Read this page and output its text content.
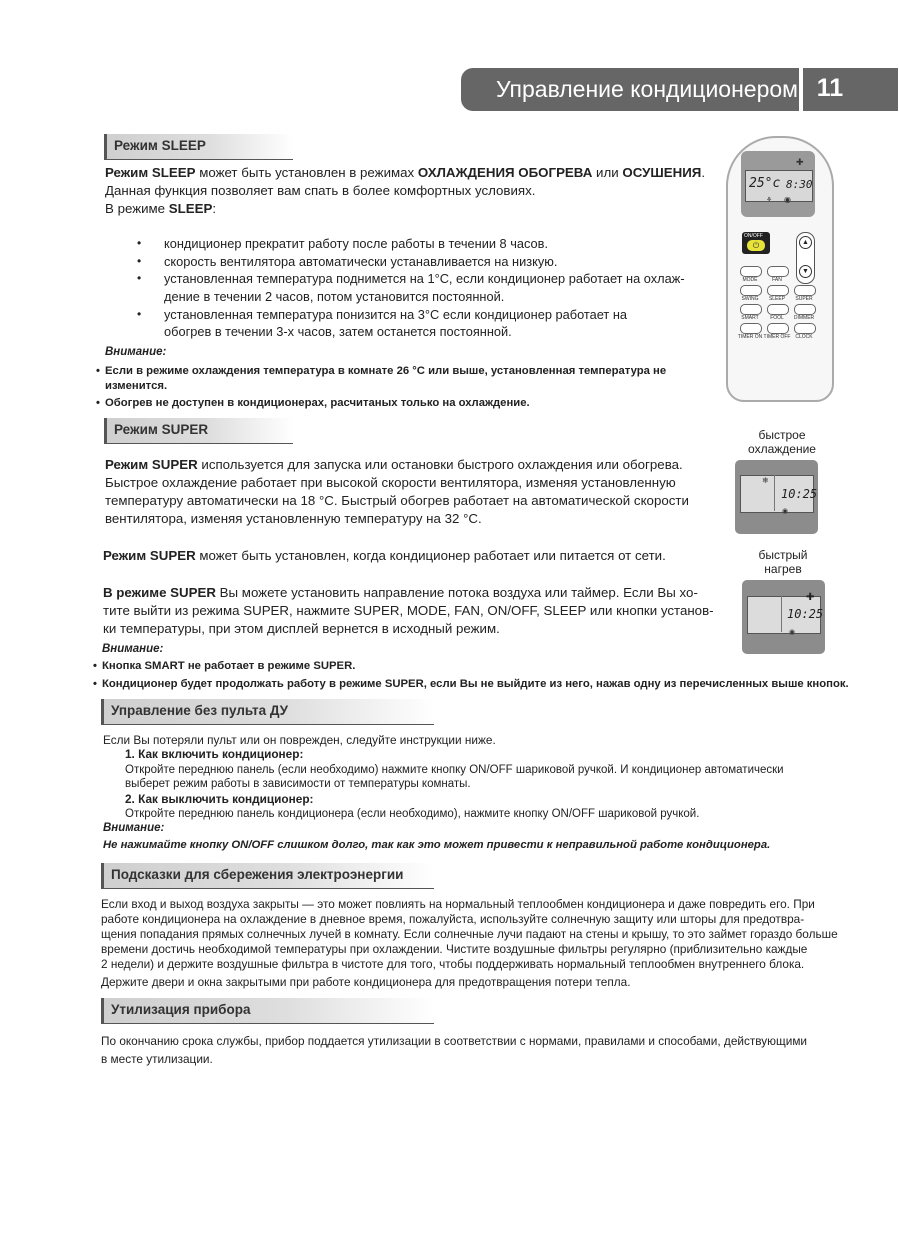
Управление кондиционером 11
Режим SLEEP
Режим SLEEP может быть установлен в режимах ОХЛАЖДЕНИЯ ОБОГРЕВА или ОСУШЕНИЯ.
Данная функция позволяет вам спать в более комфортных условиях.
В режиме SLEEP:
• кондиционер прекратит работу после работы в течении 8 часов.
• скорость вентилятора автоматически устанавливается на низкую.
• установленная температура поднимется на 1°C, если кондиционер работает на охлаж-
дение в течении 2 часов, потом установится постоянной.
• установленная температура понизится на 3°C если кондиционер работает на
обогрев в течении 3-х часов, затем останется постоянной.
Внимание:
• Если в режиме охлаждения температура в комнате 26 °С или выше, установленная температура не
изменится.
• Обогрев не доступен в кондиционерах, расчитаных только на охлаждение.
✚
25°c 8:30
⚘ ◉
ON/OFF
⏻	▲
▼
MODE	FAN
SWING	SLEEP	SUPER
SMART	FOOL	DIMMER
TIMER ON TIMER OFF CLOCK
Режим SUPER
Режим SUPER используется для запуска или остановки быстрого охлаждения или обогрева.
Быстрое охлаждение работает при высокой скорости вентилятора, изменяя установленную
температуру автоматически на 18 °С. Быстрый обогрев работает на автоматической скорости
вентилятора, изменяя установленную температуру на 32 °С.
Режим SUPER может быть установлен, когда кондиционер работает или питается от сети.
В режиме SUPER Вы можете установить направление потока воздуха или таймер. Если Вы хо-
тите выйти из режима SUPER, нажмите SUPER, MODE, FAN, ON/OFF, SLEEP или кнопки установ-
ки температуры, при этом дисплей вернется в исходный режим.
Внимание:
• Кнопка SMART не работает в режиме SUPER.
• Кондиционер будет продолжать работу в режиме SUPER, если Вы не выйдите из него, нажав одну из перечисленных выше кнопок.
быстрое
охлаждение
❄
10:25
◉
быстрый
нагрев
✚
10:25
◉
Управление без пульта ДУ
Если Вы потеряли пульт или он поврежден, следуйте инструкции ниже.
1. Как включить кондиционер:
Откройте переднюю панель (если необходимо) нажмите кнопку ON/OFF шариковой ручкой. И кондиционер автоматически
выберет режим работы в зависимости от температуры комнаты.
2. Как выключить кондиционер:
Откройте переднюю панель кондиционера (если необходимо), нажмите кнопку ON/OFF шариковой ручкой.
Внимание:
Не нажимайте кнопку ON/OFF слишком долго, так как это может привести к неправильной работе кондиционера.
Подсказки для сбережения электроэнергии
Если вход и выход воздуха закрыты — это может повлиять на нормальный теплообмен кондиционера и даже повредить его. При
работе кондиционера на охлаждение в дневное время, пожалуйста, используйте солнечную защиту или шторы для предотвра-
щения попадания прямых солнечных лучей в комнату. Если солнечные лучи падают на стены и крышу, то это займет гораздо больше
времени достичь необходимой температуры при охлаждении. Чистите воздушные фильтры регулярно (приблизительно каждые
2 недели) и держите воздушные фильтра в чистоте для того, чтобы поддерживать нормальный теплообмен внутреннего блока.
Держите двери и окна закрытыми при работе кондиционера для предотвращения потери тепла.
Утилизация прибора
По окончанию срока службы, прибор поддается утилизации в соответствии с нормами, правилами и способами, действующими
в месте утилизации.
